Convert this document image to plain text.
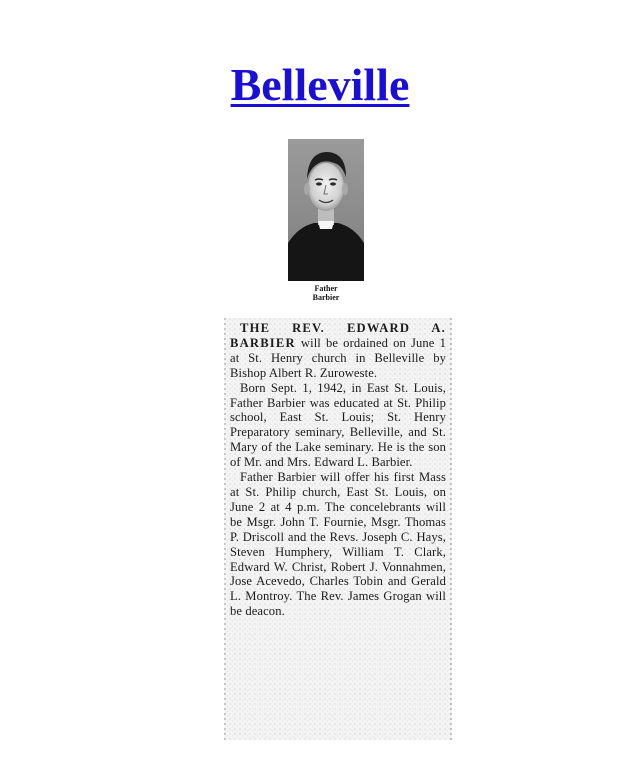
Belleville
Father
Barbier

THE REV. EDWARD A. BARBIER will be ordained on June 1 at St. Henry church in Belleville by Bishop Albert R. Zuroweste.

Born Sept. 1, 1942, in East St. Louis, Father Barbier was educated at St. Philip school, East St. Louis; St. Henry Preparatory seminary, Belleville, and St. Mary of the Lake seminary. He is the son of Mr. and Mrs. Edward L. Barbier.

Father Barbier will offer his first Mass at St. Philip church, East St. Louis, on June 2 at 4 p.m. The concelebrants will be Msgr. John T. Fournie, Msgr. Thomas P. Driscoll and the Revs. Joseph C. Hays, Steven Humphery, William T. Clark, Edward W. Christ, Robert J. Vonnahmen, Jose Acevedo, Charles Tobin and Gerald L. Montroy. The Rev. James Grogan will be deacon.
